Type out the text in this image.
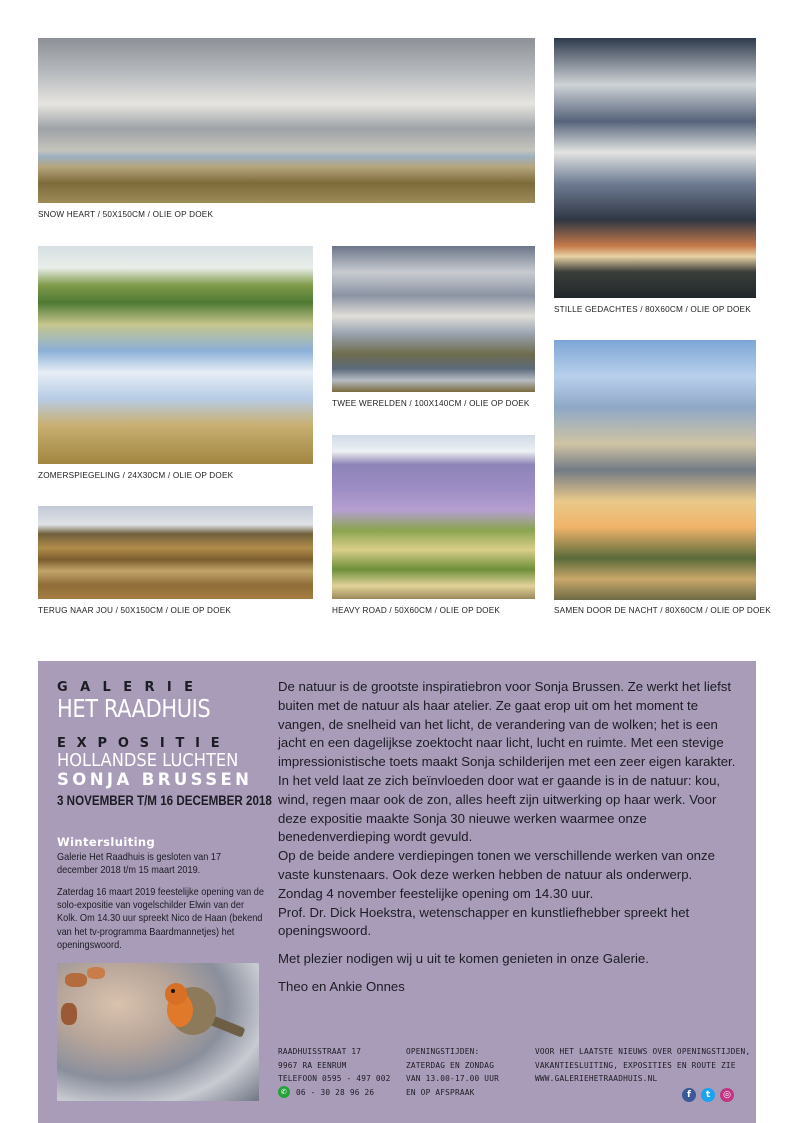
SNOW HEART / 50X150CM / OLIE OP DOEK
STILLE GEDACHTES / 80X60CM / OLIE OP DOEK
ZOMERSPIEGELING / 24X30CM / OLIE OP DOEK
TWEE WERELDEN / 100X140CM / OLIE OP DOEK
SAMEN DOOR DE NACHT / 80X60CM / OLIE OP DOEK
TERUG NAAR JOU / 50X150CM / OLIE OP DOEK	HEAVY ROAD / 50X60CM / OLIE OP DOEK
GALERIE
HET RAADHUIS
EXPOSITIE
HOLLANDSE LUCHTEN
SONJA BRUSSEN
3 NOVEMBER T/M 16 DECEMBER 2018
Wintersluiting
Galerie Het Raadhuis is gesloten van 17 december 2018 t/m 15 maart 2019.
Zaterdag 16 maart 2019 feestelijke opening van de solo-expositie van vogelschilder Elwin van der Kolk. Om 14.30 uur spreekt Nico de Haan (bekend van het tv-programma Baardmannetjes) het openingswoord.

De natuur is de grootste inspiratiebron voor Sonja Brussen. Ze werkt het liefst buiten met de natuur als haar atelier. Ze gaat erop uit om het moment te vangen, de snelheid van het licht, de verandering van de wolken; het is een jacht en een dagelijkse zoektocht naar licht, lucht en ruimte. Met een stevige impressionistische toets maakt Sonja schilderijen met een zeer eigen karakter. In het veld laat ze zich beïnvloeden door wat er gaande is in de natuur: kou, wind, regen maar ook de zon, alles heeft zijn uitwerking op haar werk. Voor deze expositie maakte Sonja 30 nieuwe werken waarmee onze benedenverdieping wordt gevuld.

Op de beide andere verdiepingen tonen we verschillende werken van onze vaste kunstenaars. Ook deze werken hebben de natuur als onderwerp.

Zondag 4 november feestelijke opening om 14.30 uur.

Prof. Dr. Dick Hoekstra, wetenschapper en kunstliefhebber spreekt het openingswoord.

Met plezier nodigen wij u uit te komen genieten in onze Galerie.

Theo en Ankie Onnes

RAADHUISSTRAAT 17
9967 RA EENRUM
TELEFOON 0595 - 497 002
✆	06 - 30 28 96 26
OPENINGSTIJDEN:
ZATERDAG EN ZONDAG
VAN 13.00-17.00 UUR
EN OP AFSPRAAK
VOOR HET LAATSTE NIEUWS OVER OPENINGSTIJDEN,
VAKANTIESLUITING, EXPOSITIES EN ROUTE ZIE
WWW.GALERIEHETRAADHUIS.NL
f	t	◎
